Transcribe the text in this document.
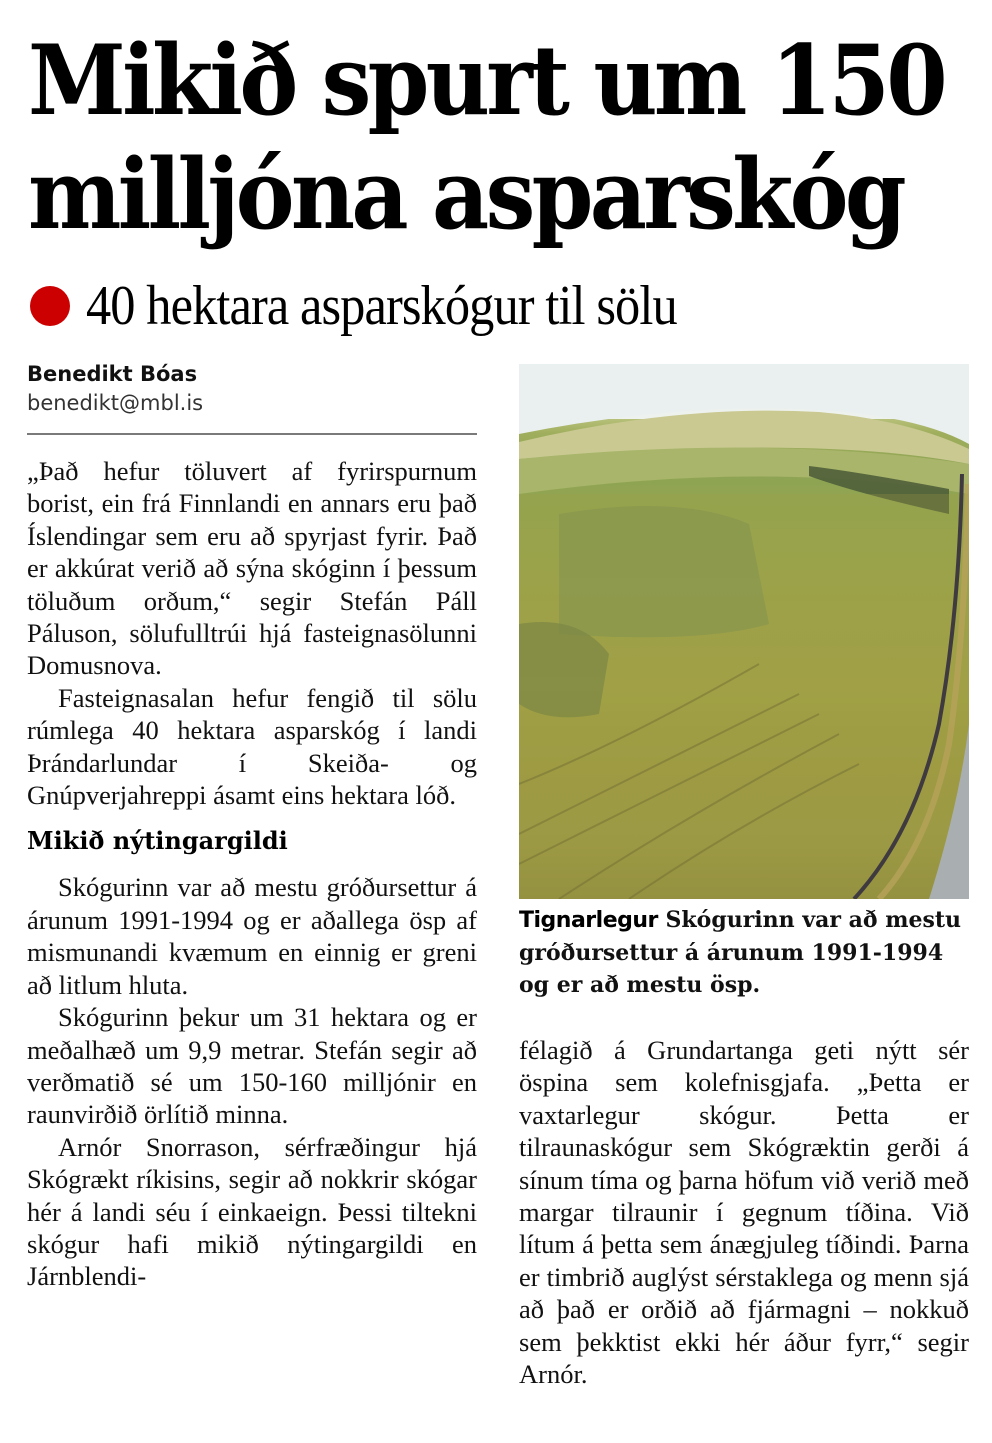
Mikið spurt um 150
milljóna asparskóg
40 hektara asparskógur til sölu
Benedikt Bóas
benedikt@mbl.is

„Það hefur töluvert af fyrirspurnum borist, ein frá Finnlandi en annars eru það Íslendingar sem eru að spyrjast fyrir. Það er akkúrat verið að sýna skóginn í þessum töluðum orðum,“ segir Stefán Páll Páluson, sölufulltrúi hjá fasteignasölunni Domusnova.

Fasteignasalan hefur fengið til sölu rúmlega 40 hektara asparskóg í landi Þrándarlundar í Skeiða- og Gnúpverjahreppi ásamt eins hektara lóð.

Mikið nýtingargildi

Skógurinn var að mestu gróðursettur á árunum 1991-1994 og er aðallega ösp af mismunandi kvæmum en einnig er greni að litlum hluta.

Skógurinn þekur um 31 hektara og er meðalhæð um 9,9 metrar. Stefán segir að verðmatið sé um 150-160 milljónir en raunvirðið örlítið minna.

Arnór Snorrason, sérfræðingur hjá Skógrækt ríkisins, segir að nokkrir skógar hér á landi séu í einkaeign. Þessi tiltekni skógur hafi mikið nýtingargildi en Járnblendi-

Tignarlegur Skógurinn var að mestu gróðursettur á árunum 1991-1994 og er að mestu ösp.

félagið á Grundartanga geti nýtt sér öspina sem kolefnisgjafa. „Þetta er vaxtarlegur skógur. Þetta er tilraunaskógur sem Skógræktin gerði á sínum tíma og þarna höfum við verið með margar tilraunir í gegnum tíðina. Við lítum á þetta sem ánægjuleg tíðindi. Þarna er timbrið auglýst sérstaklega og menn sjá að það er orðið að fjármagni – nokkuð sem þekktist ekki hér áður fyrr,“ segir Arnór.
